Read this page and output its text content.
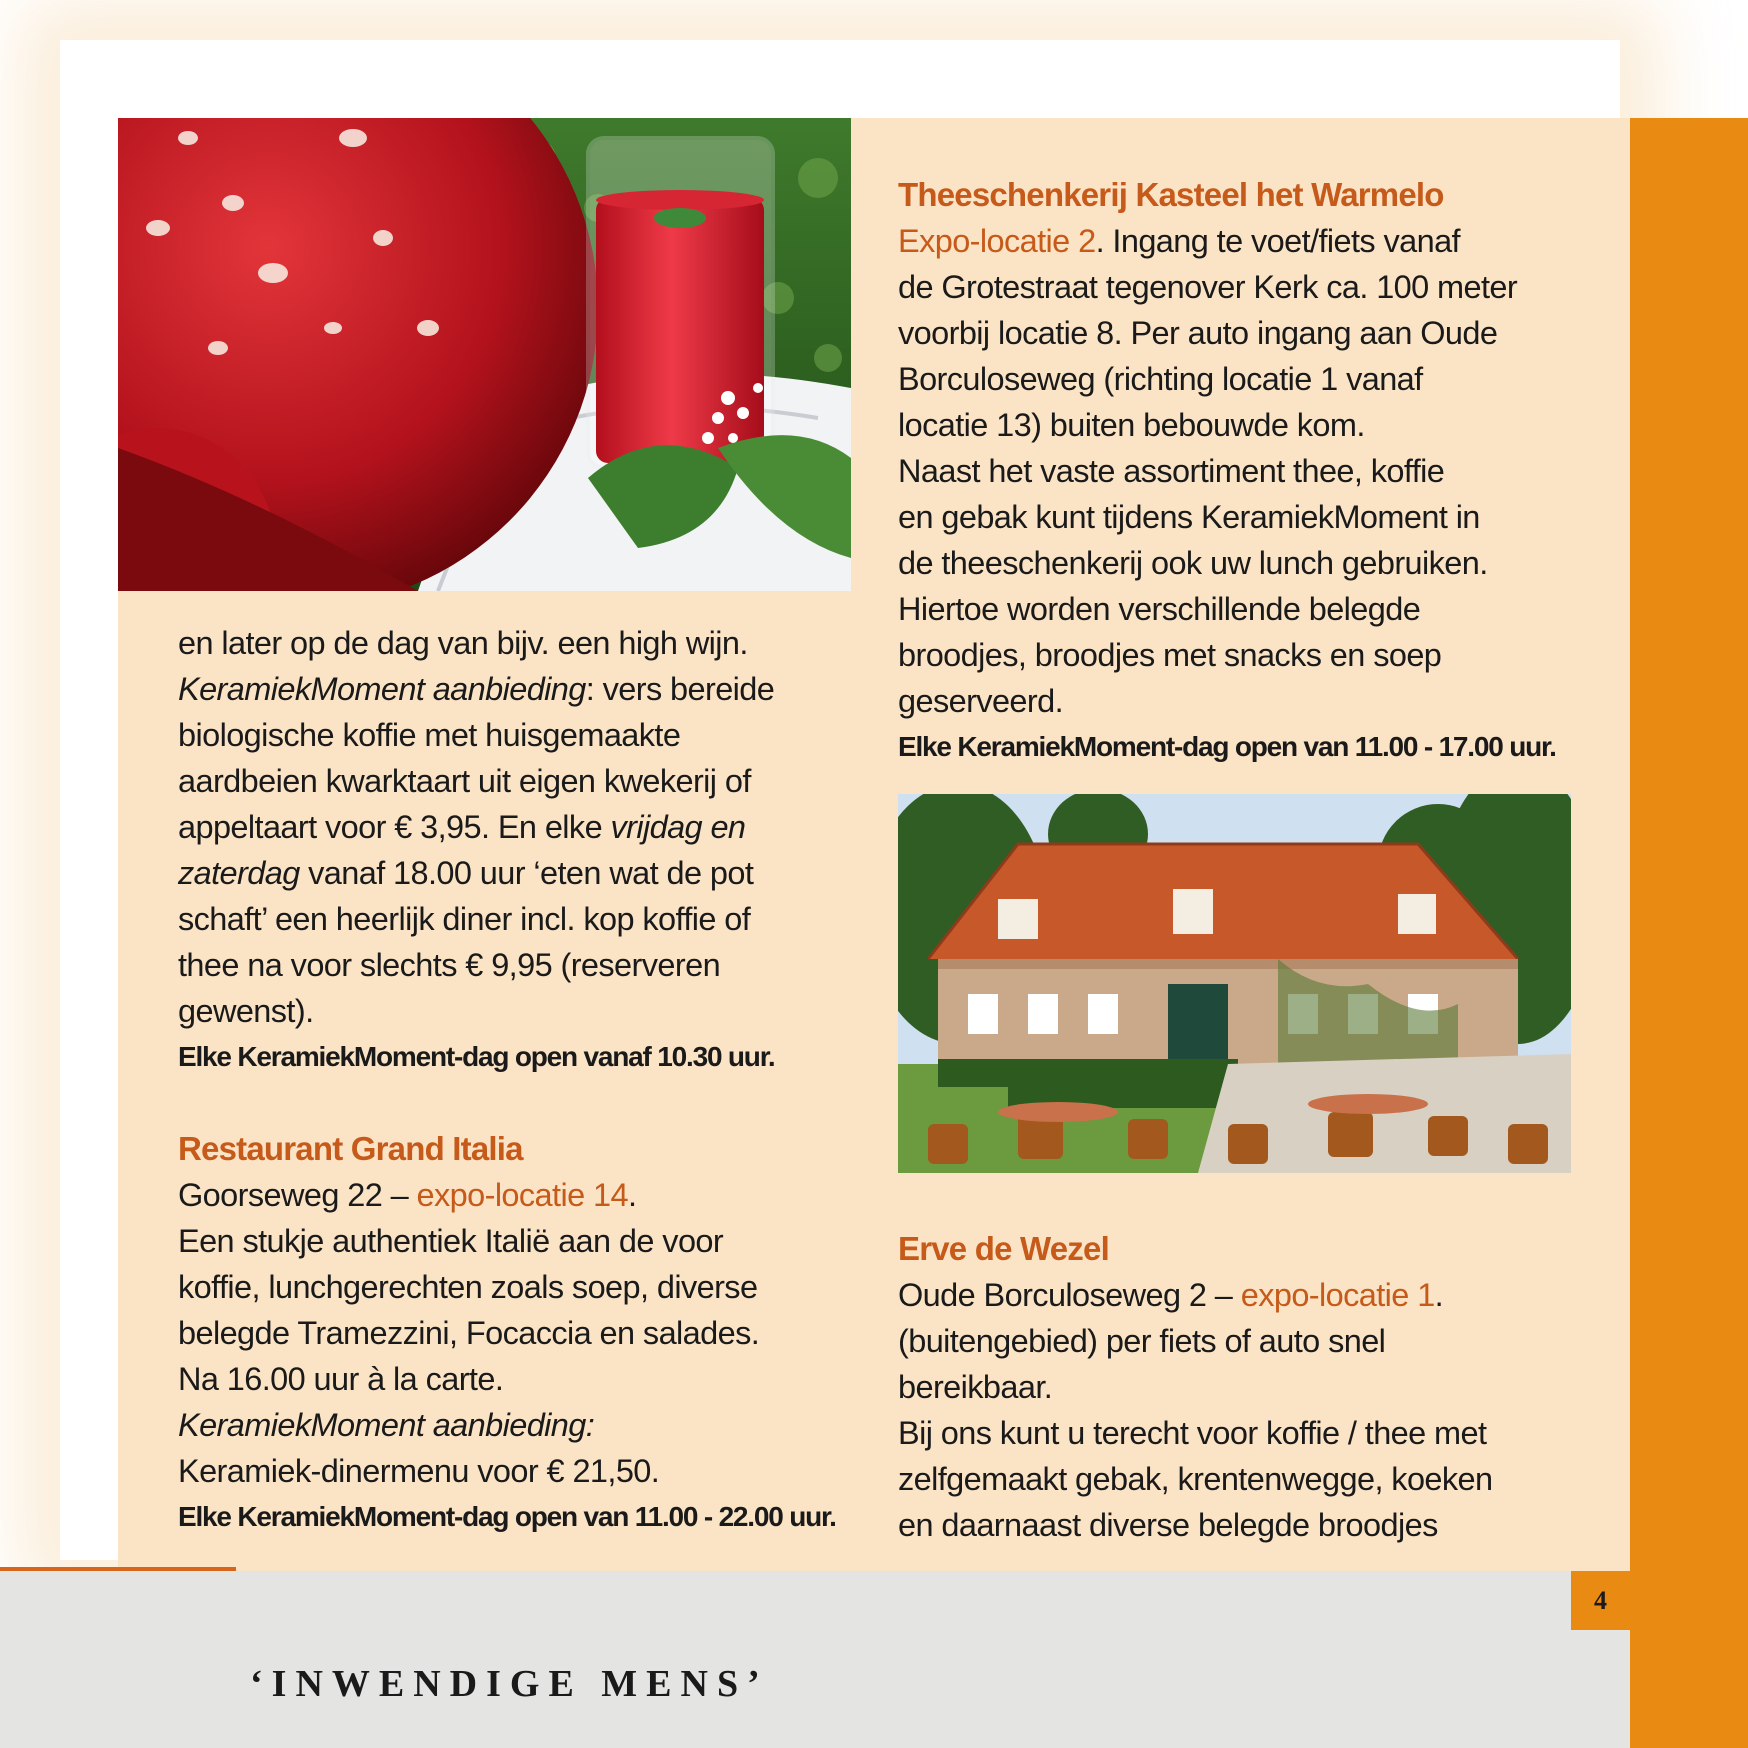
en later op de dag van bijv. een high wijn.

KeramiekMoment aanbieding: vers bereide

biologische koffie met huisgemaakte

aardbeien kwarktaart uit eigen kwekerij of

appeltaart voor € 3,95. En elke vrijdag en

zaterdag vanaf 18.00 uur ‘eten wat de pot

schaft’ een heerlijk diner incl. kop koffie of

thee na voor slechts € 9,95 (reserveren

gewenst).

Elke KeramiekMoment-dag open vanaf 10.30 uur.

Restaurant Grand Italia

Goorseweg 22 – expo-locatie 14.

Een stukje authentiek Italië aan de voor

koffie, lunchgerechten zoals soep, diverse

belegde Tramezzini, Focaccia en salades.

Na 16.00 uur à la carte.

KeramiekMoment aanbieding:

Keramiek-dinermenu voor € 21,50.

Elke KeramiekMoment-dag open van 11.00 - 22.00 uur.

Theeschenkerij Kasteel het Warmelo

Expo-locatie 2. Ingang te voet/fiets vanaf

de Grotestraat tegenover Kerk ca. 100 meter

voorbij locatie 8. Per auto ingang aan Oude

Borculoseweg (richting locatie 1 vanaf

locatie 13) buiten bebouwde kom.

Naast het vaste assortiment thee, koffie

en gebak kunt tijdens KeramiekMoment in

de theeschenkerij ook uw lunch gebruiken.

Hiertoe worden verschillende belegde

broodjes, broodjes met snacks en soep

geserveerd.

Elke KeramiekMoment-dag open van 11.00 - 17.00 uur.

Erve de Wezel

Oude Borculoseweg 2 – expo-locatie 1.

(buitengebied) per fiets of auto snel

bereikbaar.

Bij ons kunt u terecht voor koffie / thee met

zelfgemaakt gebak, krentenwegge, koeken

en daarnaast diverse belegde broodjes

4
‘INWENDIGE MENS’
